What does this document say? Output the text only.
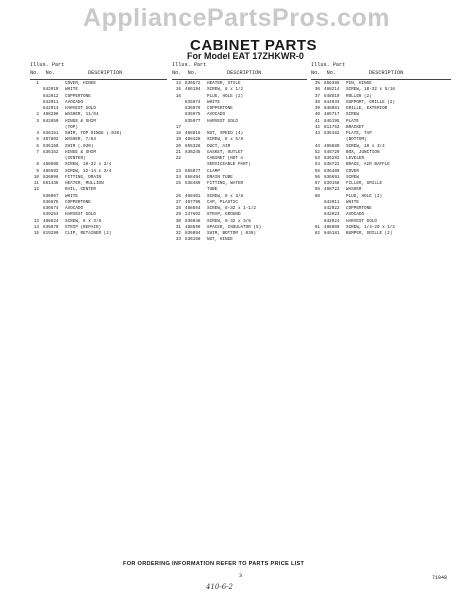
AppliancePartsPros.com
CABINET PARTS
For Model EAT 17ZHKWR-0
Illus. Part
No. No.	DESCRIPTION
1	COVER, HINGE
842010	WHITE
842012	COPPERTONE
842011	AVOCADO
842014	HARVEST GOLD
2 488296	WASHER, 11/64
3 842650	HINGE & SHIM
(TOP)
4 836151	SHIM, TOP HINGE (.030)
5 487802	WASHER, 7/64
6 836150	SHIM (.030)
7 836152	HINGE & SHIM
(CENTER)
8 488699	SCREW, 10-32 x 3/4
9 485592	SCREW, 12-14 x 3/4
10 836096	FITTING, DRAIN
11 851436	HEATER, MULLION
12	RAIL, CENTER
836067	WHITE
836575	COPPERTONE
836674	AVOCADO
839254	HARVEST GOLD
13 488624	SCREW, 8 x 3/8
14 836070	STRIP (REPAIR)
15 815290	CLIP, RETAINER (2)
Illus. Part
No. No.	DESCRIPTION
14 836572	HEATER, STILE
15 486194	SCREW, 8 x 1/2
16	PLUG, HOLE (2)
835974	WHITE
835976	COPPERTONE
835975	AVOCADO
835977	HARVEST GOLD
17
18 488816	NUT, SPEED (4)
19 488428	SCREW, 8 x 5/8
20 855328	DUCT, AIR
21 836245	GASKET, OUTLET
22	CABINET (NOT A
SERVICEABLE PART)
23 855077	CLAMP
24 858494	DRAIN TUBE
25 838489	FITTING, WATER
TUBE
26 488401	SCREW, 8 x 3/8
27 487796	CAP, PLASTIC
28 488564	SCREW, 8-32 x 1-1/2
29 247602	STRAP, GROUND
30 836048	SCREW, 8-32 x 3/8
31 488596	SPACER, INSULATOR (5)
32 836094	SHIM, BOTTOM (.030)
33 836159	NUT, HINGE
Illus. Part
No. No.	DESCRIPTION
35 856386	PIN, HINGE
36 488214	SCREW, 10-32 x 5/16
37 848810	ROLLER (2)
38 844634	SUPPORT, GRILLE (2)
39 848081	GRILLE, EXTERIOR
40 485717	SCREW
41 846195	PLATE
42 811753	BRACKET
43 836162	PLATE, TAP
(BOTTOM)
44 498880	SCREW, 10 x 3/4
52 548729	BOX, JUNCTION
53 836292	LEVELER
54 838722	BRACE, AIR BAFFLE
55 836489	COVER
56 836691	SCREW
57 839158	FILLER, GRILLE
58 488722	WASHER
80	PLUG, HOLE (2)
842011	WHITE
842022	COPPERTONE
842023	AVOCADO
842024	HARVEST GOLD
81 486869	SCREW, 1/4-20 x 1/2
82 846181	BUMPER, GRILLE (2)
FOR ORDERING INFORMATION REFER TO PARTS PRICE LIST
3	71048
410-6-2
